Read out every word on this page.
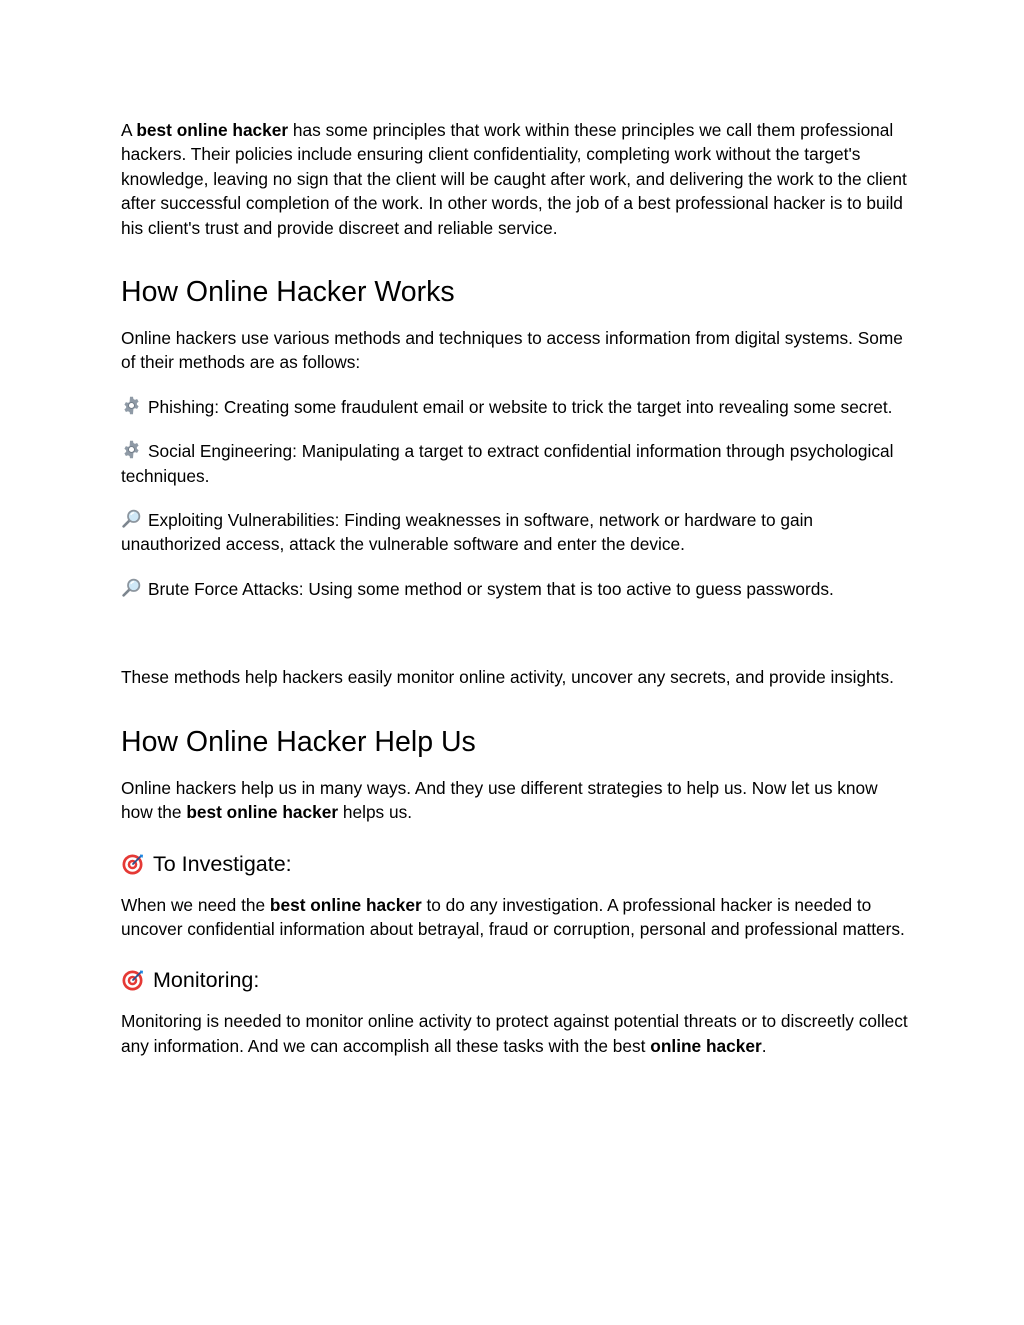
A best online hacker has some principles that work within these principles we call them professional hackers. Their policies include ensuring client confidentiality, completing work without the target's knowledge, leaving no sign that the client will be caught after work, and delivering the work to the client after successful completion of the work. In other words, the job of a best professional hacker is to build his client's trust and provide discreet and reliable service.

How Online Hacker Works

Online hackers use various methods and techniques to access information from digital systems. Some of their methods are as follows:

Phishing: Creating some fraudulent email or website to trick the target into revealing some secret.

Social Engineering: Manipulating a target to extract confidential information through psychological techniques.

Exploiting Vulnerabilities: Finding weaknesses in software, network or hardware to gain unauthorized access, attack the vulnerable software and enter the device.

Brute Force Attacks: Using some method or system that is too active to guess passwords.

These methods help hackers easily monitor online activity, uncover any secrets, and provide insights.

How Online Hacker Help Us

Online hackers help us in many ways. And they use different strategies to help us. Now let us know how the best online hacker helps us.

To Investigate:

When we need the best online hacker to do any investigation. A professional hacker is needed to uncover confidential information about betrayal, fraud or corruption, personal and professional matters.

Monitoring:

Monitoring is needed to monitor online activity to protect against potential threats or to discreetly collect any information. And we can accomplish all these tasks with the best online hacker.
